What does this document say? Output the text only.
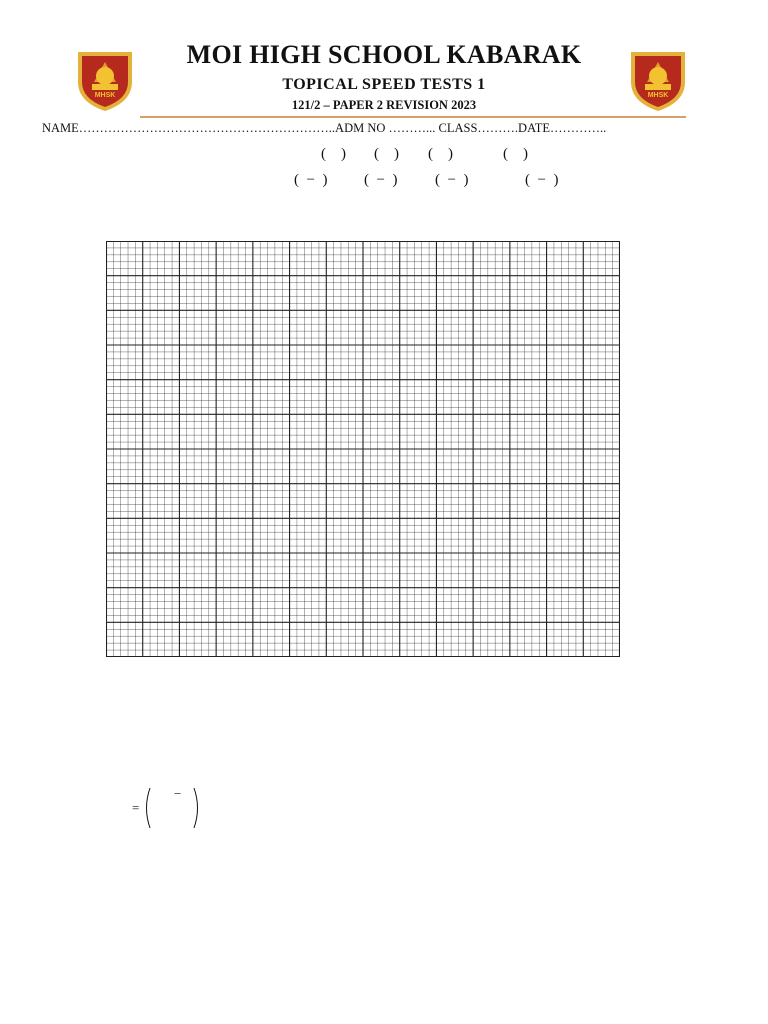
MHSK	MHSK
MOI HIGH SCHOOL KABARAK
TOPICAL SPEED TESTS 1
121/2 – PAPER 2 REVISION 2023
NAME……………………………………………………..ADM NO ………... CLASS……….DATE…………..
(    ) (    ) (    )	(    )
(  −  ) (  −  )	(  −  )	(  −  )
=
−
